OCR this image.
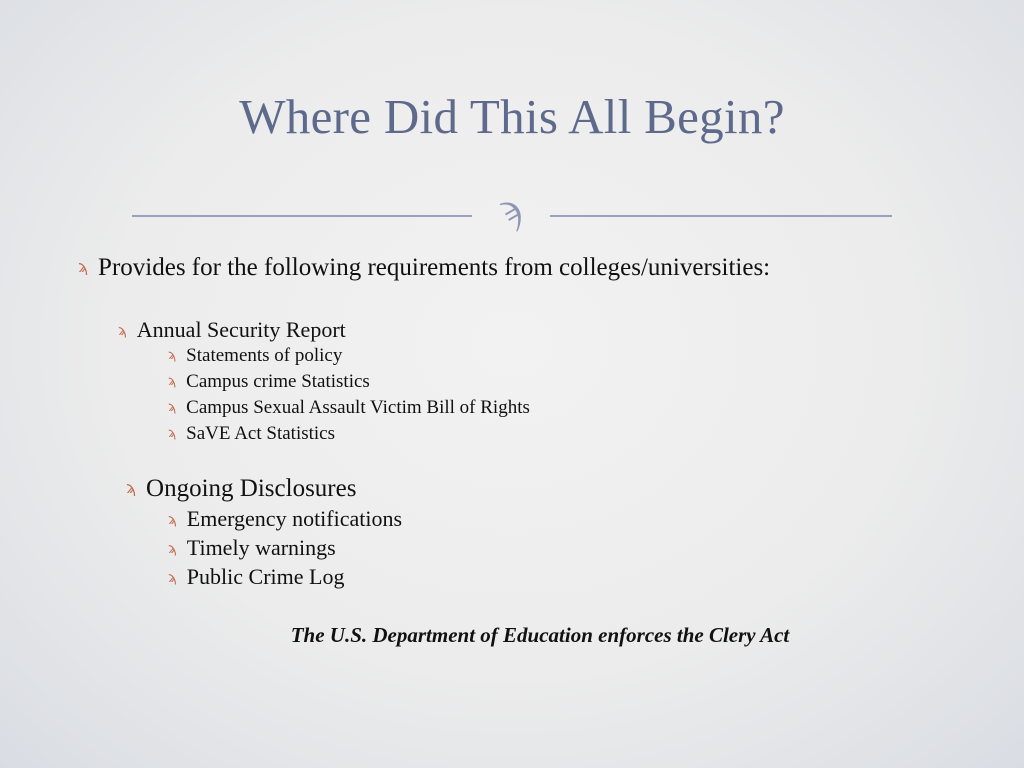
Where Did This All Begin?
ϡ
ϡ Provides for the following requirements from colleges/universities:
ϡ Annual Security Report
ϡ Statements of policy
ϡ Campus crime Statistics
ϡ Campus Sexual Assault Victim Bill of Rights
ϡ SaVE Act Statistics
ϡ Ongoing Disclosures
ϡ Emergency notifications
ϡ Timely warnings
ϡ Public Crime Log
The U.S. Department of Education enforces the Clery Act
